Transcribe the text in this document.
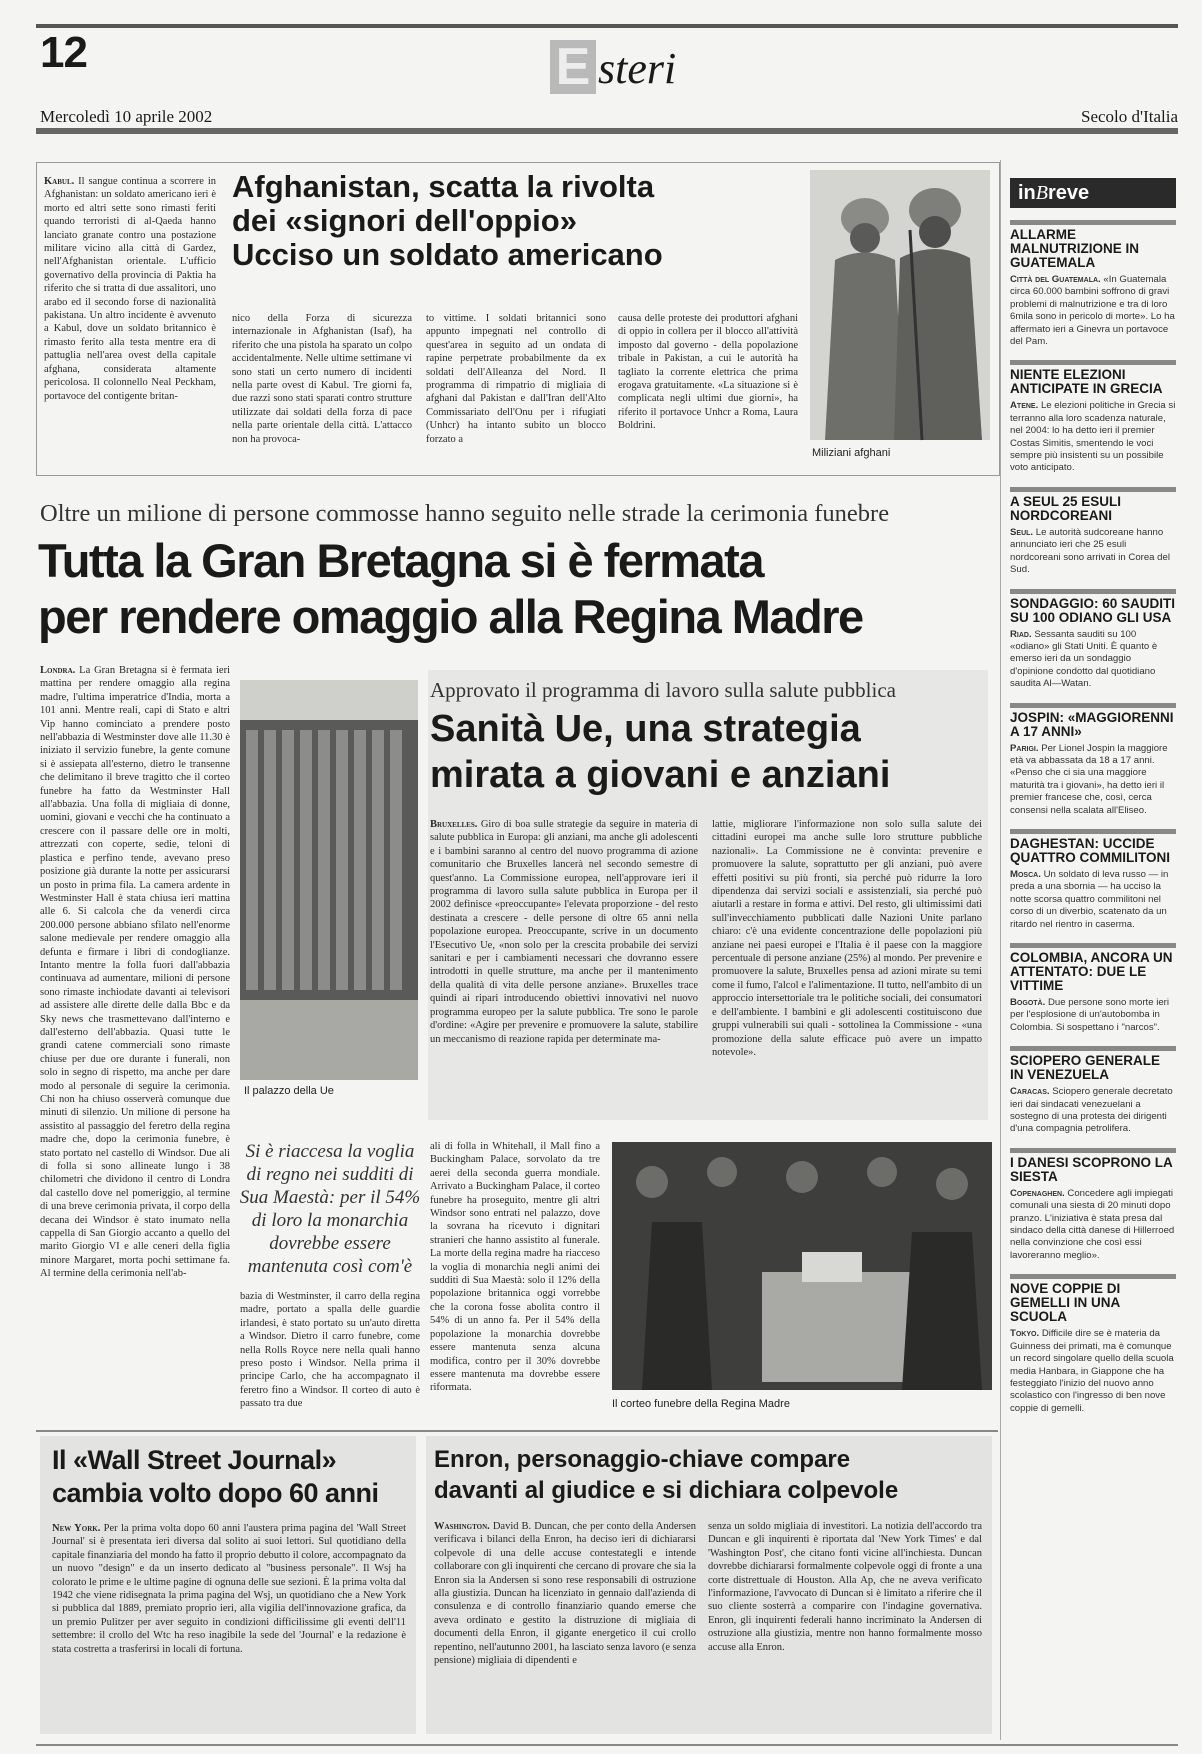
12	E steri
Mercoledì 10 aprile 2002	Secolo d'Italia
Kabul. Il sangue continua a scorrere in Afghanistan: un soldato americano ieri è morto ed altri sette sono rimasti feriti quando terroristi di al-Qaeda hanno lanciato granate contro una postazione militare vicino alla città di Gardez, nell'Afghanistan orientale. L'ufficio governativo della provincia di Paktia ha riferito che si tratta di due assalitori, uno arabo ed il secondo forse di nazionalità pakistana. Un altro incidente è avvenuto a Kabul, dove un soldato britannico è rimasto ferito alla testa mentre era di pattuglia nell'area ovest della capitale afghana, considerata altamente pericolosa. Il colonnello Neal Peckham, portavoce del contigente britan-
Afghanistan, scatta la rivolta
dei «signori dell'oppio»
Ucciso un soldato americano
nico della Forza di sicurezza internazionale in Afghanistan (Isaf), ha riferito che una pistola ha sparato un colpo accidentalmente. Nelle ultime settimane vi sono stati un certo numero di incidenti nella parte ovest di Kabul. Tre giorni fa, due razzi sono stati sparati contro strutture utilizzate dai soldati della forza di pace nella parte orientale della città. L'attacco non ha provoca-
to vittime. I soldati britannici sono appunto impegnati nel controllo di quest'area in seguito ad un ondata di rapine perpetrate probabilmente da ex soldati dell'Alleanza del Nord. Il programma di rimpatrio di migliaia di afghani dal Pakistan e dall'Iran dell'Alto Commissariato dell'Onu per i rifugiati (Unhcr) ha intanto subito un blocco forzato a
causa delle proteste dei produttori afghani di oppio in collera per il blocco all'attività imposto dal governo - della popolazione tribale in Pakistan, a cui le autorità ha tagliato la corrente elettrica che prima erogava gratuitamente. «La situazione si è complicata negli ultimi due giorni», ha riferito il portavoce Unhcr a Roma, Laura Boldrini.
Miliziani afghani
Oltre un milione di persone commosse hanno seguito nelle strade la cerimonia funebre
Tutta la Gran Bretagna si è fermata
per rendere omaggio alla Regina Madre
Londra. La Gran Bretagna si è fermata ieri mattina per rendere omaggio alla regina madre, l'ultima imperatrice d'India, morta a 101 anni. Mentre reali, capi di Stato e altri Vip hanno cominciato a prendere posto nell'abbazia di Westminster dove alle 11.30 è iniziato il servizio funebre, la gente comune si è assiepata all'esterno, dietro le transenne che delimitano il breve tragitto che il corteo funebre ha fatto da Westminster Hall all'abbazia. Una folla di migliaia di donne, uomini, giovani e vecchi che ha continuato a crescere con il passare delle ore in molti, attrezzati con coperte, sedie, teloni di plastica e perfino tende, avevano preso posizione già durante la notte per assicurarsi un posto in prima fila. La camera ardente in Westminster Hall è stata chiusa ieri mattina alle 6. Si calcola che da venerdì circa 200.000 persone abbiano sfilato nell'enorme salone medievale per rendere omaggio alla defunta e firmare i libri di condoglianze. Intanto mentre la folla fuori dall'abbazia continuava ad aumentare, milioni di persone sono rimaste inchiodate davanti ai televisori ad assistere alle dirette delle dalla Bbc e da Sky news che trasmettevano dall'interno e dall'esterno dell'abbazia. Quasi tutte le grandi catene commerciali sono rimaste chiuse per due ore durante i funerali, non solo in segno di rispetto, ma anche per dare modo al personale di seguire la cerimonia. Chi non ha chiuso osserverà comunque due minuti di silenzio. Un milione di persone ha assistito al passaggio del feretro della regina madre che, dopo la cerimonia funebre, è stato portato nel castello di Windsor. Due ali di folla si sono allineate lungo i 38 chilometri che dividono il centro di Londra dal castello dove nel pomeriggio, al termine di una breve cerimonia privata, il corpo della decana dei Windsor è stato inumato nella cappella di San Giorgio accanto a quello del marito Giorgio VI e alle ceneri della figlia minore Margaret, morta pochi settimane fa. Al termine della cerimonia nell'ab-
Il palazzo della Ue
Approvato il programma di lavoro sulla salute pubblica
Sanità Ue, una strategia
mirata a giovani e anziani
Bruxelles. Giro di boa sulle strategie da seguire in materia di salute pubblica in Europa: gli anziani, ma anche gli adolescenti e i bambini saranno al centro del nuovo programma di azione comunitario che Bruxelles lancerà nel secondo semestre di quest'anno. La Commissione europea, nell'approvare ieri il programma di lavoro sulla salute pubblica in Europa per il 2002 definisce «preoccupante» l'elevata proporzione - del resto destinata a crescere - delle persone di oltre 65 anni nella popolazione europea. Preoccupante, scrive in un documento l'Esecutivo Ue, «non solo per la crescita probabile dei servizi sanitari e per i cambiamenti necessari che dovranno essere introdotti in quelle strutture, ma anche per il mantenimento della qualità di vita delle persone anziane». Bruxelles trace quindi ai ripari introducendo obiettivi innovativi nel nuovo programma europeo per la salute pubblica. Tre sono le parole d'ordine: «Agire per prevenire e promuovere la salute, stabilire un meccanismo di reazione rapida per determinate ma-
lattie, migliorare l'informazione non solo sulla salute dei cittadini europei ma anche sulle loro strutture pubbliche nazionali». La Commissione ne è convinta: prevenire e promuovere la salute, soprattutto per gli anziani, può avere effetti positivi su più fronti, sia perché può ridurre la loro dipendenza dai servizi sociali e assistenziali, sia perché può aiutarli a restare in forma e attivi. Del resto, gli ultimissimi dati sull'invecchiamento pubblicati dalle Nazioni Unite parlano chiaro: c'è una evidente concentrazione delle popolazioni più anziane nei paesi europei e l'Italia è il paese con la maggiore percentuale di persone anziane (25%) al mondo. Per prevenire e promuovere la salute, Bruxelles pensa ad azioni mirate su temi come il fumo, l'alcol e l'alimentazione. Il tutto, nell'ambito di un approccio intersettoriale tra le politiche sociali, dei consumatori e dell'ambiente. I bambini e gli adolescenti costituiscono due gruppi vulnerabili sui quali - sottolinea la Commissione - «una promozione della salute efficace può avere un impatto notevole».
Si è riaccesa la voglia di regno nei sudditi di Sua Maestà: per il 54% di loro la monarchia dovrebbe essere mantenuta così com'è
bazia di Westminster, il carro della regina madre, portato a spalla delle guardie irlandesi, è stato portato su un'auto diretta a Windsor. Dietro il carro funebre, come nella Rolls Royce nere nella quali hanno preso posto i Windsor. Nella prima il principe Carlo, che ha accompagnato il feretro fino a Windsor. Il corteo di auto è passato tra due
ali di folla in Whitehall, il Mall fino a Buckingham Palace, sorvolato da tre aerei della seconda guerra mondiale. Arrivato a Buckingham Palace, il corteo funebre ha proseguito, mentre gli altri Windsor sono entrati nel palazzo, dove la sovrana ha ricevuto i dignitari stranieri che hanno assistito al funerale. La morte della regina madre ha riacceso la voglia di monarchia negli animi dei sudditi di Sua Maestà: solo il 12% della popolazione britannica oggi vorrebbe che la corona fosse abolita contro il 54% di un anno fa. Per il 54% della popolazione la monarchia dovrebbe essere mantenuta senza alcuna modifica, contro per il 30% dovrebbe essere mantenuta ma dovrebbe essere riformata.
Il corteo funebre della Regina Madre
Il «Wall Street Journal»
cambia volto dopo 60 anni
New York. Per la prima volta dopo 60 anni l'austera prima pagina del 'Wall Street Journal' si è presentata ieri diversa dal solito ai suoi lettori. Sul quotidiano della capitale finanziaria del mondo ha fatto il proprio debutto il colore, accompagnato da un nuovo "design" e da un inserto dedicato al "business personale". Il Wsj ha colorato le prime e le ultime pagine di ognuna delle sue sezioni. È la prima volta dal 1942 che viene ridisegnata la prima pagina del Wsj, un quotidiano che a New York si pubblica dal 1889, premiato proprio ieri, alla vigilia dell'innovazione grafica, da un premio Pulitzer per aver seguito in condizioni difficilissime gli eventi dell'11 settembre: il crollo del Wtc ha reso inagibile la sede del 'Journal' e la redazione è stata costretta a trasferirsi in locali di fortuna.
Enron, personaggio-chiave compare
davanti al giudice e si dichiara colpevole
Washington. David B. Duncan, che per conto della Andersen verificava i bilanci della Enron, ha deciso ieri di dichiararsi colpevole di una delle accuse contestategli e intende collaborare con gli inquirenti che cercano di provare che sia la Enron sia la Andersen si sono rese responsabili di ostruzione alla giustizia. Duncan ha licenziato in gennaio dall'azienda di consulenza e di controllo finanziario quando emerse che aveva ordinato e gestito la distruzione di migliaia di documenti della Enron, il gigante energetico il cui crollo repentino, nell'autunno 2001, ha lasciato senza lavoro (e senza pensione) migliaia di dipendenti e
senza un soldo migliaia di investitori. La notizia dell'accordo tra Duncan e gli inquirenti è riportata dal 'New York Times' e dal 'Washington Post', che citano fonti vicine all'inchiesta. Duncan dovrebbe dichiararsi formalmente colpevole oggi di fronte a una corte distrettuale di Houston. Alla Ap, che ne aveva verificato l'informazione, l'avvocato di Duncan si è limitato a riferire che il suo cliente sosterrà a comparire con l'indagine governativa. Enron, gli inquirenti federali hanno incriminato la Andersen di ostruzione alla giustizia, mentre non hanno formalmente mosso accuse alla Enron.
inBreve
ALLARME MALNUTRIZIONE IN GUATEMALA

Città del Guatemala. «In Guatemala circa 60.000 bambini soffrono di gravi problemi di malnutrizione e tra di loro 6mila sono in pericolo di morte». Lo ha affermato ieri a Ginevra un portavoce del Pam.

NIENTE ELEZIONI ANTICIPATE IN GRECIA

Atene. Le elezioni politiche in Grecia si terranno alla loro scadenza naturale, nel 2004: lo ha detto ieri il premier Costas Simitis, smentendo le voci sempre più insistenti su un possibile voto anticipato.

A SEUL 25 ESULI NORDCOREANI

Seul. Le autorità sudcoreane hanno annunciato ieri che 25 esuli nordcoreani sono arrivati in Corea del Sud.

SONDAGGIO: 60 SAUDITI SU 100 ODIANO GLI USA

Riad. Sessanta sauditi su 100 «odiano» gli Stati Uniti. È quanto è emerso ieri da un sondaggio d'opinione condotto dal quotidiano saudita Al—Watan.

JOSPIN: «MAGGIORENNI A 17 ANNI»

Parigi. Per Lionel Jospin la maggiore età va abbassata da 18 a 17 anni. «Penso che ci sia una maggiore maturità tra i giovani», ha detto ieri il premier francese che, così, cerca consensi nella scalata all'Eliseo.

DAGHESTAN: UCCIDE QUATTRO COMMILITONI

Mosca. Un soldato di leva russo — in preda a una sbornia — ha ucciso la notte scorsa quattro commilitoni nel corso di un diverbio, scatenato da un ritardo nel rientro in caserma.

COLOMBIA, ANCORA UN ATTENTATO: DUE LE VITTIME

Bogotà. Due persone sono morte ieri per l'esplosione di un'autobomba in Colombia. Si sospettano i "narcos".

SCIOPERO GENERALE IN VENEZUELA

Caracas. Sciopero generale decretato ieri dai sindacati venezuelani a sostegno di una protesta dei dirigenti d'una compagnia petrolifera.

I DANESI SCOPRONO LA SIESTA

Copenaghen. Concedere agli impiegati comunali una siesta di 20 minuti dopo pranzo. L'iniziativa è stata presa dal sindaco della città danese di Hillerroed nella convinzione che così essi lavoreranno meglio».

NOVE COPPIE DI GEMELLI IN UNA SCUOLA

Tokyo. Difficile dire se è materia da Guinness dei primati, ma è comunque un record singolare quello della scuola media Hanbara, in Giappone che ha festeggiato l'inizio del nuovo anno scolastico con l'ingresso di ben nove coppie di gemelli.
